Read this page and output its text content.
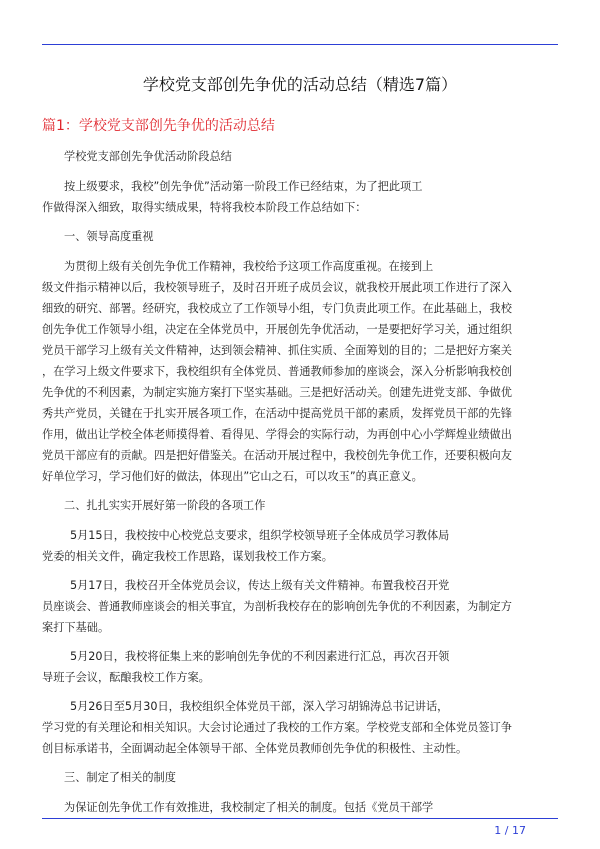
学校党支部创先争优的活动总结（精选7篇）
篇1：学校党支部创先争优的活动总结
学校党支部创先争优活动阶段总结
按上级要求，我校”创先争优”活动第一阶段工作已经结束，为了把此项工
作做得深入细致，取得实绩成果，特将我校本阶段工作总结如下：
一、领导高度重视
为贯彻上级有关创先争优工作精神，我校给予这项工作高度重视。在接到上
级文件指示精神以后，我校领导班子，及时召开班子成员会议，就我校开展此项工作进行了深入
细致的研究、部署。经研究，我校成立了工作领导小组，专门负责此项工作。在此基础上，我校
创先争优工作领导小组，决定在全体党员中，开展创先争优活动，一是要把好学习关，通过组织
党员干部学习上级有关文件精神，达到领会精神、抓住实质、全面筹划的目的；二是把好方案关
，在学习上级文件要求下，我校组织有全体党员、普通教师参加的座谈会，深入分析影响我校创
先争优的不利因素，为制定实施方案打下坚实基础。三是把好活动关。创建先进党支部、争做优
秀共产党员，关键在于扎实开展各项工作，在活动中提高党员干部的素质，发挥党员干部的先锋
作用，做出让学校全体老师摸得着、看得见、学得会的实际行动，为再创中心小学辉煌业绩做出
党员干部应有的贡献。四是把好借鉴关。在活动开展过程中，我校创先争优工作，还要积极向友
好单位学习，学习他们好的做法，体现出”它山之石，可以攻玉”的真正意义。
二、扎扎实实开展好第一阶段的各项工作
5月15日，我校按中心校党总支要求，组织学校领导班子全体成员学习教体局
党委的相关文件，确定我校工作思路，谋划我校工作方案。
5月17日，我校召开全体党员会议，传达上级有关文件精神。布置我校召开党
员座谈会、普通教师座谈会的相关事宜，为剖析我校存在的影响创先争优的不利因素，为制定方
案打下基础。
5月20日，我校将征集上来的影响创先争优的不利因素进行汇总，再次召开领
导班子会议，酝酿我校工作方案。
5月26日至5月30日，我校组织全体党员干部，深入学习胡锦涛总书记讲话，
学习党的有关理论和相关知识。大会讨论通过了我校的工作方案。学校党支部和全体党员签订争
创目标承诺书，全面调动起全体领导干部、全体党员教师创先争优的积极性、主动性。
三、制定了相关的制度
为保证创先争优工作有效推进，我校制定了相关的制度。包括《党员干部学
1 / 17
